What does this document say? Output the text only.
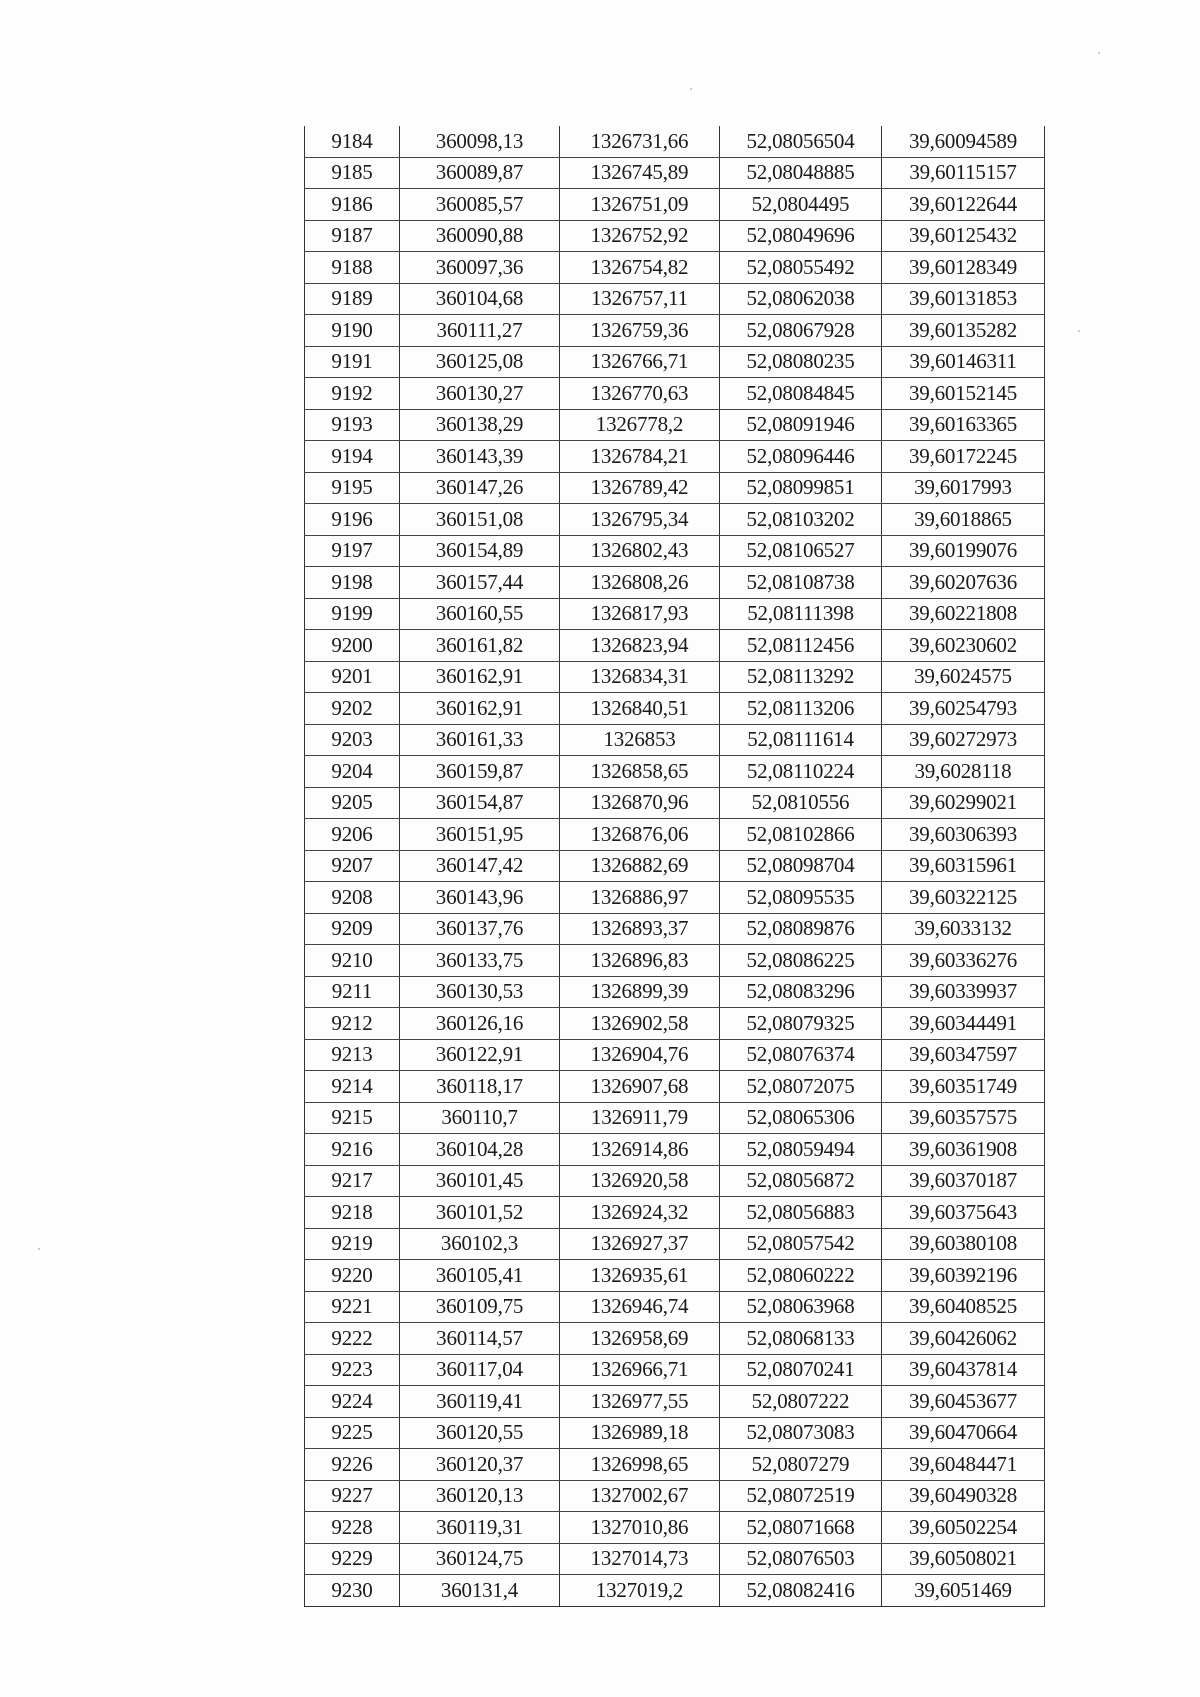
9184	360098,13	1326731,66	52,08056504	39,60094589
9185	360089,87	1326745,89	52,08048885	39,60115157
9186	360085,57	1326751,09	52,0804495	39,60122644
9187	360090,88	1326752,92	52,08049696	39,60125432
9188	360097,36	1326754,82	52,08055492	39,60128349
9189	360104,68	1326757,11	52,08062038	39,60131853
9190	360111,27	1326759,36	52,08067928	39,60135282
9191	360125,08	1326766,71	52,08080235	39,60146311
9192	360130,27	1326770,63	52,08084845	39,60152145
9193	360138,29	1326778,2	52,08091946	39,60163365
9194	360143,39	1326784,21	52,08096446	39,60172245
9195	360147,26	1326789,42	52,08099851	39,6017993
9196	360151,08	1326795,34	52,08103202	39,6018865
9197	360154,89	1326802,43	52,08106527	39,60199076
9198	360157,44	1326808,26	52,08108738	39,60207636
9199	360160,55	1326817,93	52,08111398	39,60221808
9200	360161,82	1326823,94	52,08112456	39,60230602
9201	360162,91	1326834,31	52,08113292	39,6024575
9202	360162,91	1326840,51	52,08113206	39,60254793
9203	360161,33	1326853	52,08111614	39,60272973
9204	360159,87	1326858,65	52,08110224	39,6028118
9205	360154,87	1326870,96	52,0810556	39,60299021
9206	360151,95	1326876,06	52,08102866	39,60306393
9207	360147,42	1326882,69	52,08098704	39,60315961
9208	360143,96	1326886,97	52,08095535	39,60322125
9209	360137,76	1326893,37	52,08089876	39,6033132
9210	360133,75	1326896,83	52,08086225	39,60336276
9211	360130,53	1326899,39	52,08083296	39,60339937
9212	360126,16	1326902,58	52,08079325	39,60344491
9213	360122,91	1326904,76	52,08076374	39,60347597
9214	360118,17	1326907,68	52,08072075	39,60351749
9215	360110,7	1326911,79	52,08065306	39,60357575
9216	360104,28	1326914,86	52,08059494	39,60361908
9217	360101,45	1326920,58	52,08056872	39,60370187
9218	360101,52	1326924,32	52,08056883	39,60375643
9219	360102,3	1326927,37	52,08057542	39,60380108
9220	360105,41	1326935,61	52,08060222	39,60392196
9221	360109,75	1326946,74	52,08063968	39,60408525
9222	360114,57	1326958,69	52,08068133	39,60426062
9223	360117,04	1326966,71	52,08070241	39,60437814
9224	360119,41	1326977,55	52,0807222	39,60453677
9225	360120,55	1326989,18	52,08073083	39,60470664
9226	360120,37	1326998,65	52,0807279	39,60484471
9227	360120,13	1327002,67	52,08072519	39,60490328
9228	360119,31	1327010,86	52,08071668	39,60502254
9229	360124,75	1327014,73	52,08076503	39,60508021
9230	360131,4	1327019,2	52,08082416	39,6051469
